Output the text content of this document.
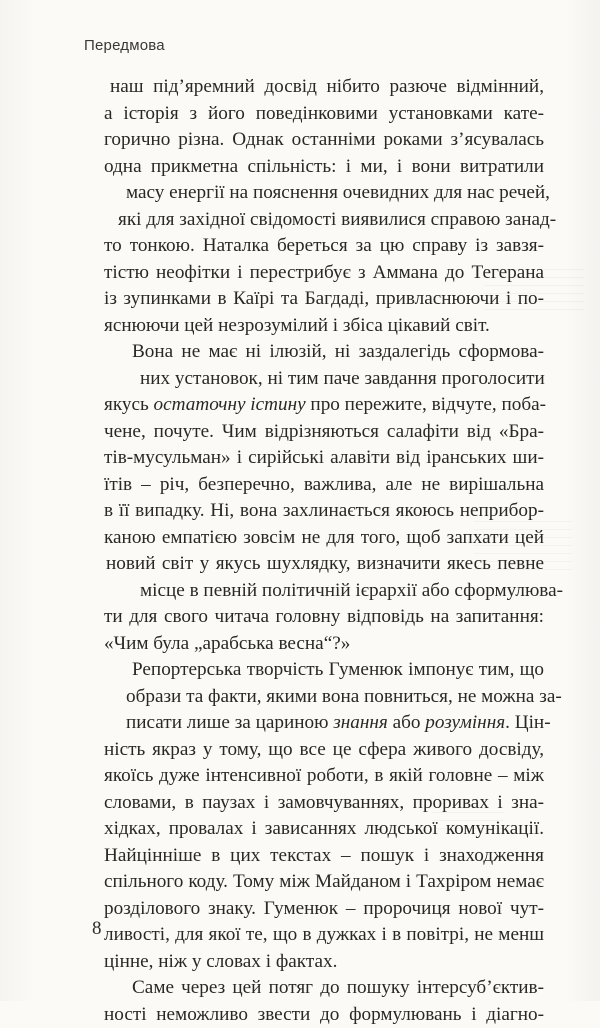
Передмова
наш під’яремний досвід нібито разюче відмінний,
а історія з його поведінковими установками кате-
горично різна. Однак останніми роками з’ясувалась
одна прикметна спільність: і ми, і вони витратили
масу енергії на пояснення очевидних для нас речей,
які для західної свідомості виявилися справою занад-
то тонкою. Наталка береться за цю справу із завзя-
тістю неофітки і перестрибує з Аммана до Тегерана
із зупинками в Каїрі та Багдаді, привласнюючи і по-
яснюючи цей незрозумілий і збіса цікавий світ.
Вона не має ні ілюзій, ні заздалегідь сформова-
них установок, ні тим паче завдання проголосити
якусь остаточну істину про пережите, відчуте, поба-
чене, почуте. Чим відрізняються салафіти від «Бра-
тів-мусульман» і сирійські алавіти від іранських ши-
їтів – річ, безперечно, важлива, але не вирішальна
в її випадку. Ні, вона захлинається якоюсь неприбор-
каною емпатією зовсім не для того, щоб запхати цей
новий світ у якусь шухлядку, визначити якесь певне
місце в певній політичній ієрархії або сформулюва-
ти для свого читача головну відповідь на запитання:
«Чим була „арабська весна“?»
Репортерська творчість Гуменюк імпонує тим, що
образи та факти, якими вона повниться, не можна за-
писати лише за цариною знання або розуміння. Цін-
ність якраз у тому, що все це сфера живого досвіду,
якоїсь дуже інтенсивної роботи, в якій головне – між
словами, в паузах і замовчуваннях, проривах і зна-
хідках, провалах і зависаннях людської комунікації.
Найцінніше в цих текстах – пошук і знаходження
спільного коду. Тому між Майданом і Тахріром немає
розділового знаку. Гуменюк – пророчиця нової чут-
ливості, для якої те, що в дужках і в повітрі, не менш
цінне, ніж у словах і фактах.
Саме через цей потяг до пошуку інтерсуб’єктив-
ності неможливо звести до формулювань і діагно-
8
